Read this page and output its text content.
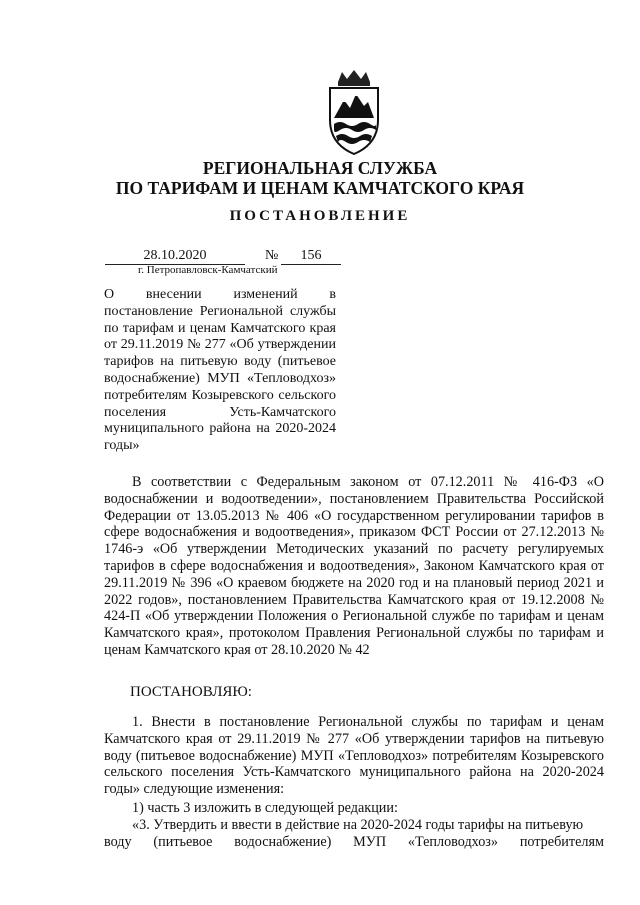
РЕГИОНАЛЬНАЯ СЛУЖБА
ПО ТАРИФАМ И ЦЕНАМ КАМЧАТСКОГО КРАЯ
ПОСТАНОВЛЕНИЕ
28.10.2020	№	156
г. Петропавловск-Камчатский
О внесении изменений в постановление Региональной службы по тарифам и ценам Камчатского края от 29.11.2019 № 277 «Об утверждении тарифов на питьевую воду (питьевое водоснабжение) МУП «Тепловодхоз» потребителям Козыревского сельского поселения Усть-Камчатского муниципального района на 2020-2024 годы»
В соответствии с Федеральным законом от 07.12.2011 № 416-ФЗ «О водоснабжении и водоотведении», постановлением Правительства Российской Федерации от 13.05.2013 № 406 «О государственном регулировании тарифов в сфере водоснабжения и водоотведения», приказом ФСТ России от 27.12.2013 № 1746-э «Об утверждении Методических указаний по расчету регулируемых тарифов в сфере водоснабжения и водоотведения», Законом Камчатского края от 29.11.2019 № 396 «О краевом бюджете на 2020 год и на плановый период 2021 и 2022 годов», постановлением Правительства Камчатского края от 19.12.2008 № 424-П «Об утверждении Положения о Региональной службе по тарифам и ценам Камчатского края», протоколом Правления Региональной службы по тарифам и ценам Камчатского края от 28.10.2020 № 42
ПОСТАНОВЛЯЮ:
1. Внести в постановление Региональной службы по тарифам и ценам Камчатского края от 29.11.2019 № 277 «Об утверждении тарифов на питьевую воду (питьевое водоснабжение) МУП «Тепловодхоз» потребителям Козыревского сельского поселения Усть-Камчатского муниципального района на 2020-2024 годы» следующие изменения:
1) часть 3 изложить в следующей редакции:
«3. Утвердить и ввести в действие на 2020-2024 годы тарифы на питьевую
воду (питьевое водоснабжение) МУП «Тепловодхоз» потребителям
